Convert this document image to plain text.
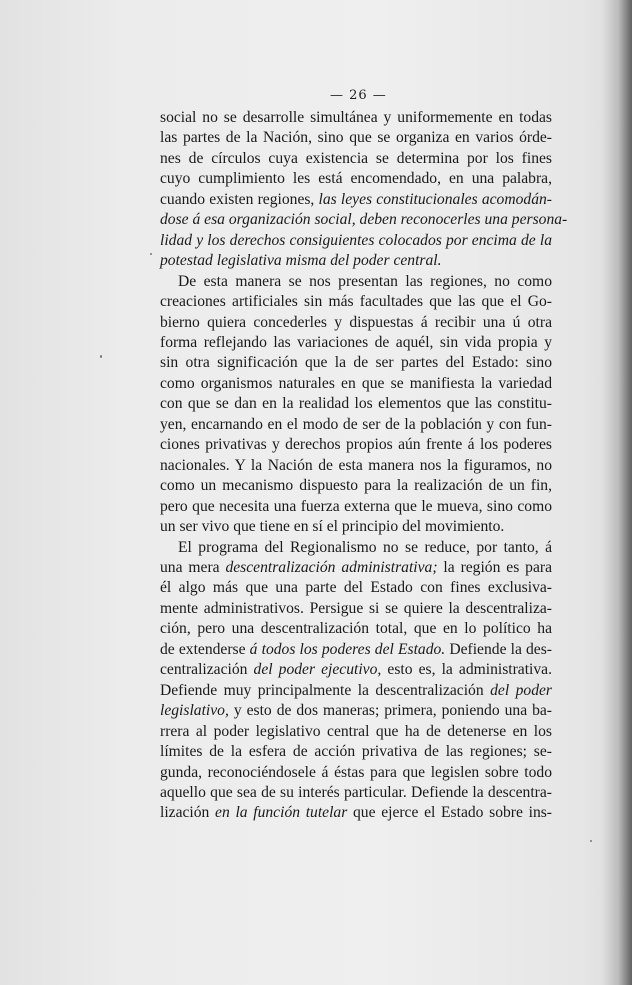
— 26 —
social no se desarrolle simultánea y uniformemente en todas
las partes de la Nación, sino que se organiza en varios órde-
nes de círculos cuya existencia se determina por los fines
cuyo cumplimiento les está encomendado, en una palabra,
cuando existen regiones, las leyes constitucionales acomodán-
dose á esa organización social, deben reconocerles una persona-
lidad y los derechos consiguientes colocados por encima de la
potestad legislativa misma del poder central.
De esta manera se nos presentan las regiones, no como
creaciones artificiales sin más facultades que las que el Go-
bierno quiera concederles y dispuestas á recibir una ú otra
forma reflejando las variaciones de aquél, sin vida propia y
sin otra significación que la de ser partes del Estado: sino
como organismos naturales en que se manifiesta la variedad
con que se dan en la realidad los elementos que las constitu-
yen, encarnando en el modo de ser de la población y con fun-
ciones privativas y derechos propios aún frente á los poderes
nacionales. Y la Nación de esta manera nos la figuramos, no
como un mecanismo dispuesto para la realización de un fin,
pero que necesita una fuerza externa que le mueva, sino como
un ser vivo que tiene en sí el principio del movimiento.
El programa del Regionalismo no se reduce, por tanto, á
una mera descentralización administrativa; la región es para
él algo más que una parte del Estado con fines exclusiva-
mente administrativos. Persigue si se quiere la descentraliza-
ción, pero una descentralización total, que en lo político ha
de extenderse á todos los poderes del Estado. Defiende la des-
centralización del poder ejecutivo, esto es, la administrativa.
Defiende muy principalmente la descentralización del poder
legislativo, y esto de dos maneras; primera, poniendo una ba-
rrera al poder legislativo central que ha de detenerse en los
límites de la esfera de acción privativa de las regiones; se-
gunda, reconociéndosele á éstas para que legislen sobre todo
aquello que sea de su interés particular. Defiende la descentra-
lización en la función tutelar que ejerce el Estado sobre ins-
